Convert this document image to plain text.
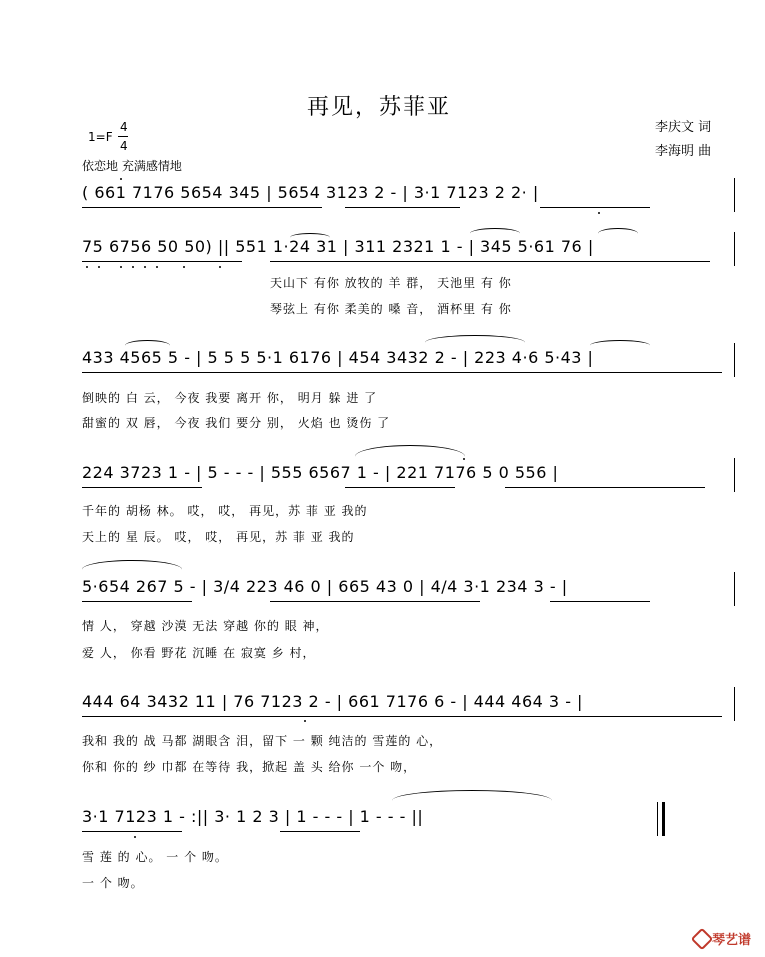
再见，苏菲亚
李庆文 词
李海明 曲
1=F
4
4
依恋地 充满感情地
( 661 7176 5654 345 | 5654 3123 2 - | 3·1 7123 2 2· |
75 6756 50 50) || 551 1·24 31 | 311 2321 1 - | 345 5·61 76 |
天山下 有你 放牧的 羊 群， 天池里 有 你
琴弦上 有你 柔美的 嗓 音， 酒杯里 有 你
433 4565 5 - | 5 5 5 5·1 6176 | 454 3432 2 - | 223 4·6 5·43 |
倒映的 白 云， 今夜 我要 离开 你， 明月 躲 进 了
甜蜜的 双 唇， 今夜 我们 要分 别， 火焰 也 烫伤 了
224 3723 1 - | 5 - - - | 555 6567 1 - | 221 7176 5 0 556 |
千年的 胡杨 林。 哎， 哎， 再见，苏 菲 亚 我的
天上的 星 辰。 哎， 哎， 再见，苏 菲 亚 我的
5·654 267 5 - | 3/4 223 46 0 | 665 43 0 | 4/4 3·1 234 3 - |
情 人， 穿越 沙漠 无法 穿越 你的 眼 神，
爱 人， 你看 野花 沉睡 在 寂寞 乡 村，
444 64 3432 11 | 76 7123 2 - | 661 7176 6 - | 444 464 3 - |
我和 我的 战 马都 湖眼含 泪，留下 一 颗 纯洁的 雪莲的 心，
你和 你的 纱 巾都 在等待 我，掀起 盖 头 给你 一个 吻，
3·1 7123 1 - :|| 3· 1 2 3 | 1 - - - | 1 - - - ||
雪 莲 的 心。 一 个 吻。
一 个 吻。
琴艺谱
